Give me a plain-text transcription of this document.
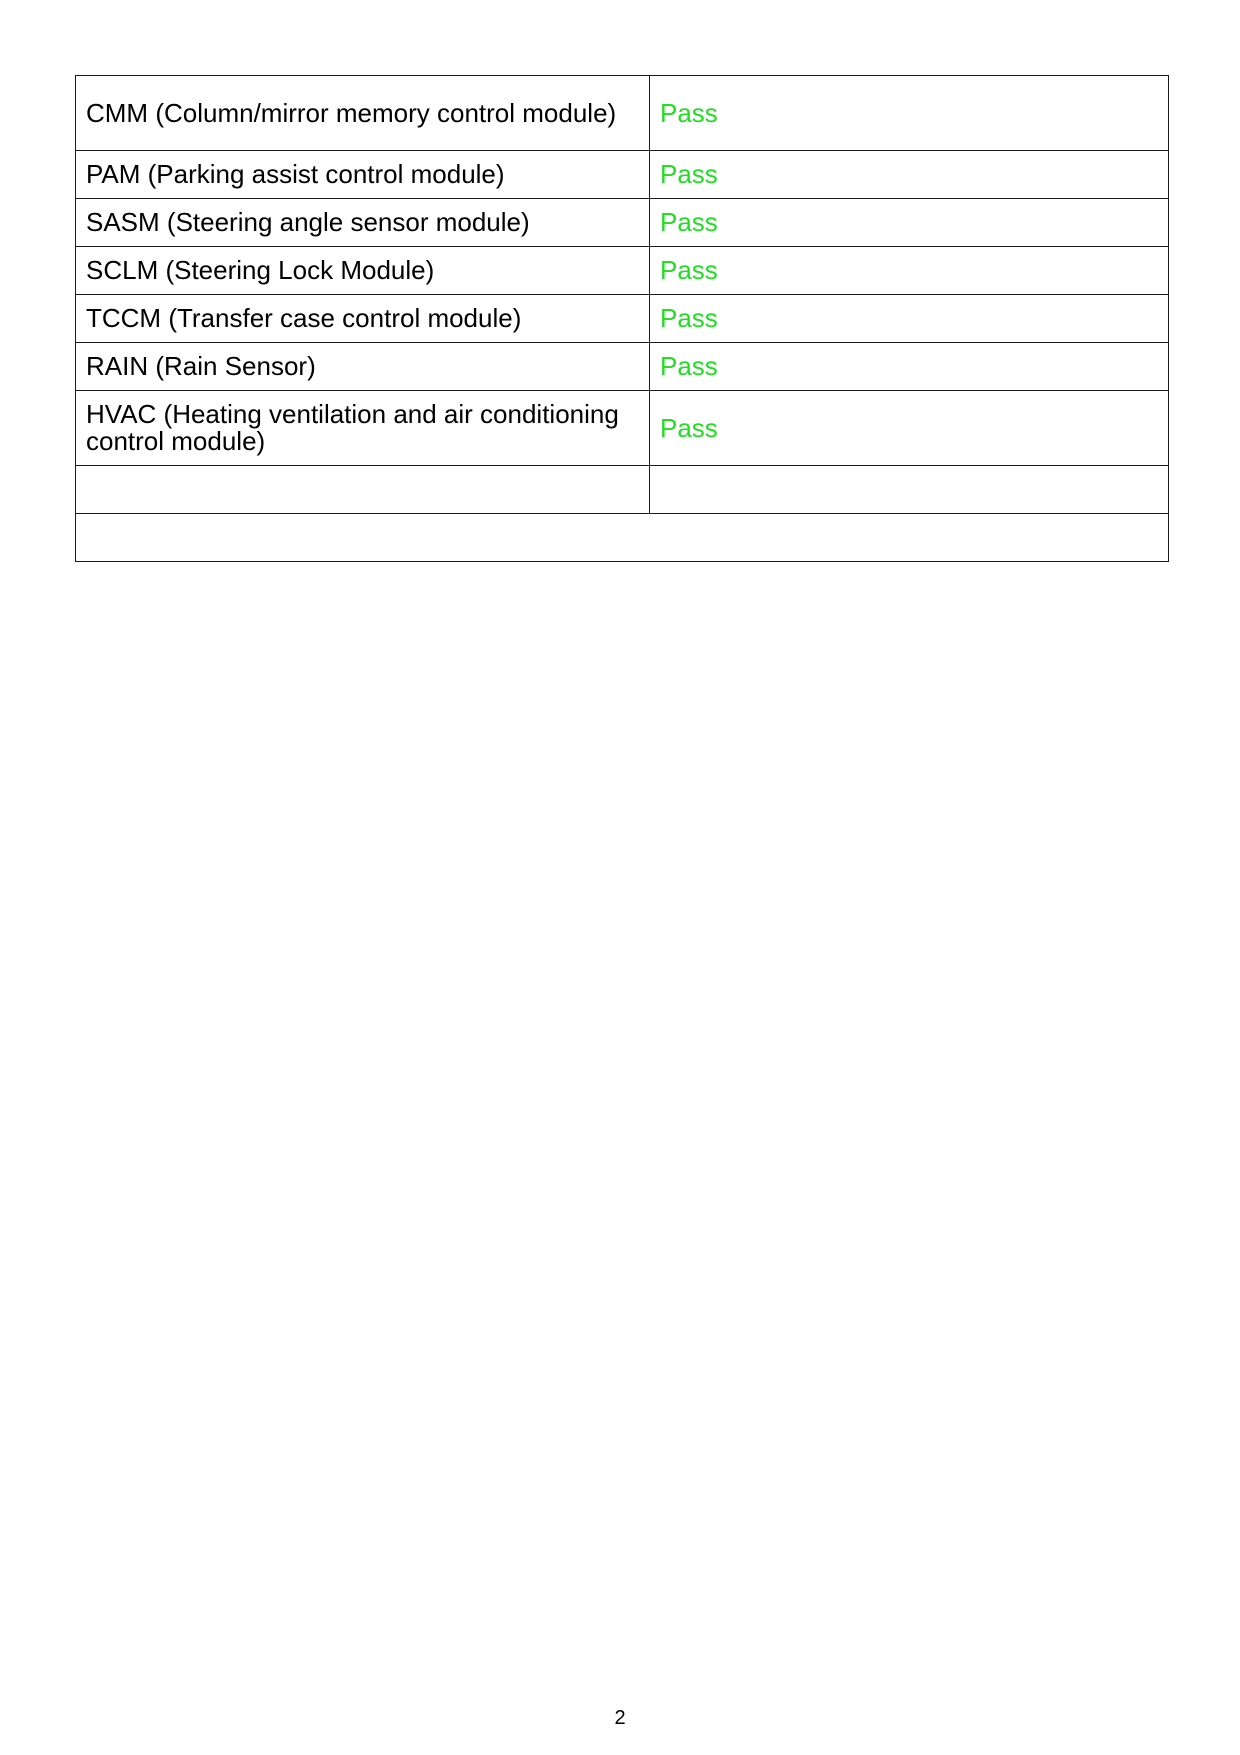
CMM (Column/mirror memory control module)	Pass
PAM (Parking assist control module)	Pass
SASM (Steering angle sensor module)	Pass
SCLM (Steering Lock Module)	Pass
TCCM (Transfer case control module)	Pass
RAIN (Rain Sensor)	Pass
HVAC (Heating ventilation and air conditioning control module)	Pass

2
